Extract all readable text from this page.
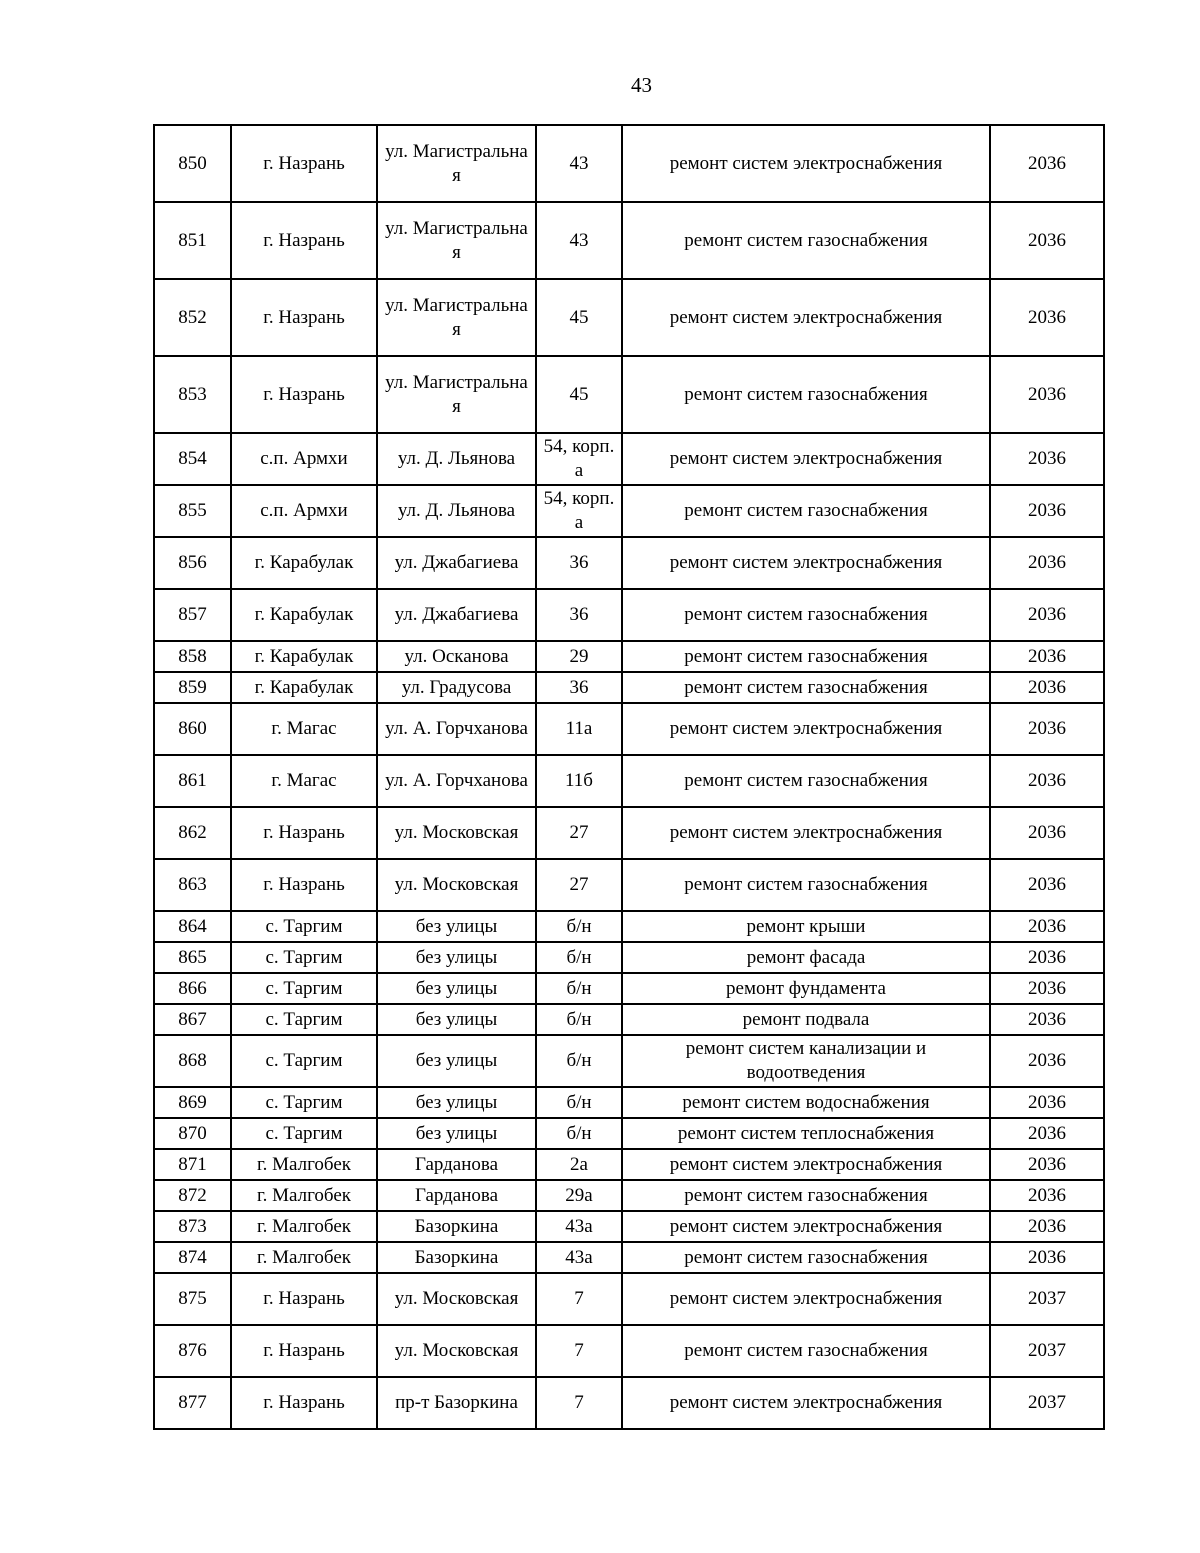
43
850	г. Назрань	ул. Магистральна я	43	ремонт систем электроснабжения	2036
851	г. Назрань	ул. Магистральна я	43	ремонт систем газоснабжения	2036
852	г. Назрань	ул. Магистральна я	45	ремонт систем электроснабжения	2036
853	г. Назрань	ул. Магистральна я	45	ремонт систем газоснабжения	2036
854	с.п. Армхи	ул. Д. Льянова	54, корп. а	ремонт систем электроснабжения	2036
855	с.п. Армхи	ул. Д. Льянова	54, корп. а	ремонт систем газоснабжения	2036
856	г. Карабулак	ул. Джабагиева	36	ремонт систем электроснабжения	2036
857	г. Карабулак	ул. Джабагиева	36	ремонт систем газоснабжения	2036
858	г. Карабулак	ул. Осканова	29	ремонт систем газоснабжения	2036
859	г. Карабулак	ул. Градусова	36	ремонт систем газоснабжения	2036
860	г. Магас	ул. А. Горчханова	11а	ремонт систем электроснабжения	2036
861	г. Магас	ул. А. Горчханова	11б	ремонт систем газоснабжения	2036
862	г. Назрань	ул. Московская	27	ремонт систем электроснабжения	2036
863	г. Назрань	ул. Московская	27	ремонт систем газоснабжения	2036
864	с. Таргим	без улицы	б/н	ремонт крыши	2036
865	с. Таргим	без улицы	б/н	ремонт фасада	2036
866	с. Таргим	без улицы	б/н	ремонт фундамента	2036
867	с. Таргим	без улицы	б/н	ремонт подвала	2036
868	с. Таргим	без улицы	б/н	ремонт систем канализации и водоотведения	2036
869	с. Таргим	без улицы	б/н	ремонт систем водоснабжения	2036
870	с. Таргим	без улицы	б/н	ремонт систем теплоснабжения	2036
871	г. Малгобек	Гарданова	2а	ремонт систем электроснабжения	2036
872	г. Малгобек	Гарданова	29а	ремонт систем газоснабжения	2036
873	г. Малгобек	Базоркина	43а	ремонт систем электроснабжения	2036
874	г. Малгобек	Базоркина	43а	ремонт систем газоснабжения	2036
875	г. Назрань	ул. Московская	7	ремонт систем электроснабжения	2037
876	г. Назрань	ул. Московская	7	ремонт систем газоснабжения	2037
877	г. Назрань	пр-т Базоркина	7	ремонт систем электроснабжения	2037
